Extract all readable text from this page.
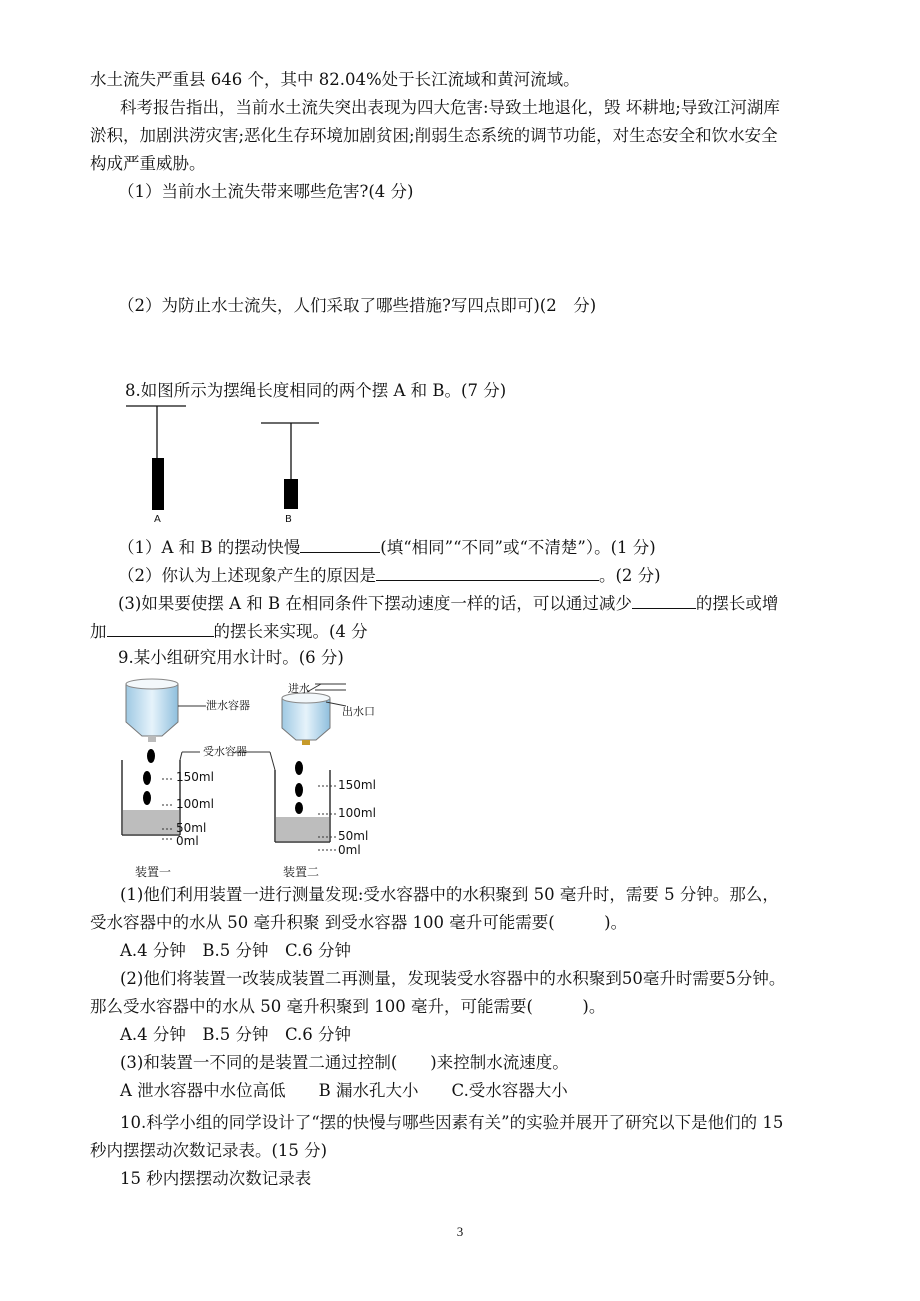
水土流失严重县 646 个，其中 82.04%处于长江流域和黄河流域。
科考报告指出，当前水土流失突出表现为四大危害:导致土地退化，毁 坏耕地;导致江河湖库
淤积，加剧洪涝灾害;恶化生存环境加剧贫困;削弱生态系统的调节功能，对生态安全和饮水安全
构成严重威胁。
（1）当前水土流失带来哪些危害?(4 分)
（2）为防止水士流失，人们采取了哪些措施?写四点即可)(2　分)
8.如图所示为摆绳长度相同的两个摆 A 和 B。(7 分)
A	B
（1）A 和 B 的摆动快慢	(填“相同”“不同”或“不清楚”）。(1 分)
（2）你认为上述现象产生的原因是	。(2 分)
(3)如果要使摆 A 和 B 在相同条件下摆动速度一样的话，可以通过减少	的摆长或增
加	的摆长来实现。(4 分
9.某小组研究用水计时。(6 分)
泄水容器
受水容器
进水
出水口
150ml
100ml
50ml
0ml
150ml
100ml
50ml
0ml
装置一	装置二
(1)他们利用装置一进行测量发现:受水容器中的水积聚到 50 毫升时，需要 5 分钟。那么，
受水容器中的水从 50 毫升积聚 到受水容器 100 毫升可能需要(　　　)。
A.4 分钟　B.5 分钟　C.6 分钟
(2)他们将装置一改装成装置二再测量，发现装受水容器中的水积聚到50毫升时需要5分钟。
那么受水容器中的水从 50 毫升积聚到 100 毫升，可能需要(　　　)。
A.4 分钟　B.5 分钟　C.6 分钟
(3)和装置一不同的是装置二通过控制(　　)来控制水流速度。
A 泄水容器中水位高低　　B 漏水孔大小　　C.受水容器大小
10.科学小组的同学设计了“摆的快慢与哪些因素有关”的实验并展开了研究以下是他们的 15
秒内摆摆动次数记录表。(15 分)
15 秒内摆摆动次数记录表
3
